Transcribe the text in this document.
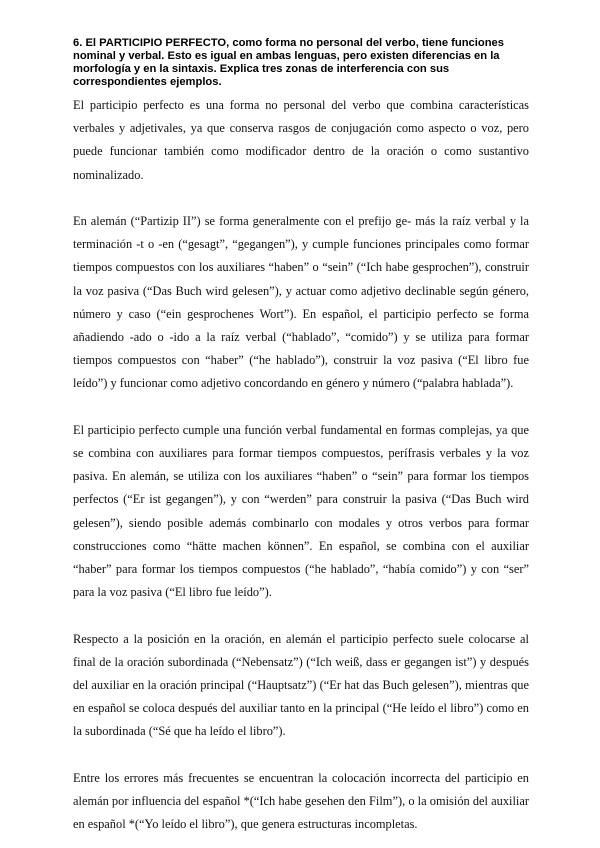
6. El PARTICIPIO PERFECTO, como forma no personal del verbo, tiene funciones nominal y verbal. Esto es igual en ambas lenguas, pero existen diferencias en la morfología y en la sintaxis. Explica tres zonas de interferencia con sus correspondientes ejemplos.

El participio perfecto es una forma no personal del verbo que combina características verbales y adjetivales, ya que conserva rasgos de conjugación como aspecto o voz, pero puede funcionar también como modificador dentro de la oración o como sustantivo nominalizado.

En alemán (“Partizip II”) se forma generalmente con el prefijo ge- más la raíz verbal y la terminación -t o -en (“gesagt”, “gegangen”), y cumple funciones principales como formar tiempos compuestos con los auxiliares “haben” o “sein” (“Ich habe gesprochen”), construir la voz pasiva (“Das Buch wird gelesen”), y actuar como adjetivo declinable según género, número y caso (“ein gesprochenes Wort”). En español, el participio perfecto se forma añadiendo -ado o -ido a la raíz verbal (“hablado”, “comido”) y se utiliza para formar tiempos compuestos con “haber” (“he hablado”), construir la voz pasiva (“El libro fue leído”) y funcionar como adjetivo concordando en género y número (“palabra hablada”).

El participio perfecto cumple una función verbal fundamental en formas complejas, ya que se combina con auxiliares para formar tiempos compuestos, perífrasis verbales y la voz pasiva. En alemán, se utiliza con los auxiliares “haben” o “sein” para formar los tiempos perfectos (“Er ist gegangen”), y con “werden” para construir la pasiva (“Das Buch wird gelesen”), siendo posible además combinarlo con modales y otros verbos para formar construcciones como “hätte machen können”. En español, se combina con el auxiliar “haber” para formar los tiempos compuestos (“he hablado”, “había comido”) y con “ser” para la voz pasiva (“El libro fue leído”).

Respecto a la posición en la oración, en alemán el participio perfecto suele colocarse al final de la oración subordinada (“Nebensatz”) (“Ich weiß, dass er gegangen ist”) y después del auxiliar en la oración principal (“Hauptsatz”) (“Er hat das Buch gelesen”), mientras que en español se coloca después del auxiliar tanto en la principal (“He leído el libro”) como en la subordinada (“Sé que ha leído el libro”).

Entre los errores más frecuentes se encuentran la colocación incorrecta del participio en alemán por influencia del español *(“Ich habe gesehen den Film”), o la omisión del auxiliar en español *(“Yo leído el libro”), que genera estructuras incompletas.
